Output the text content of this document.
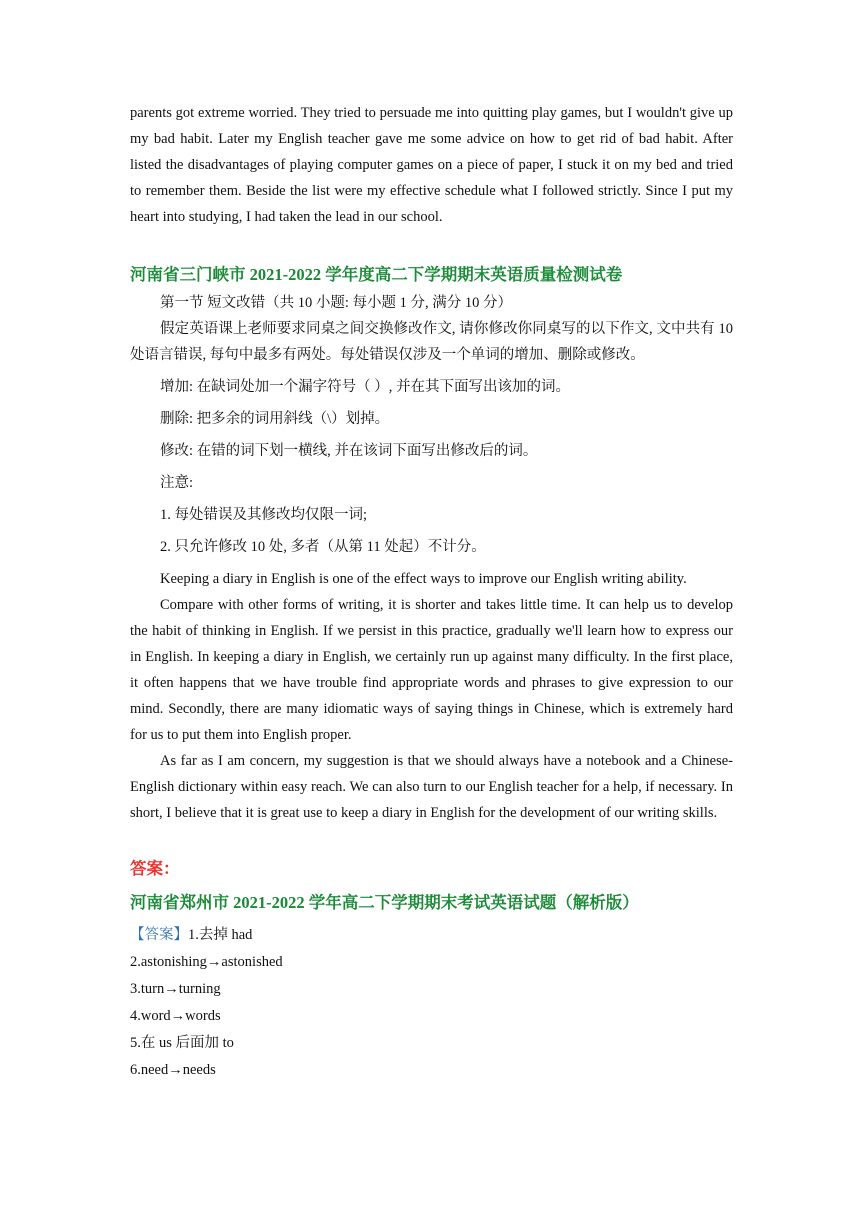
parents got extreme worried. They tried to persuade me into quitting play games, but I wouldn't give up my bad habit. Later my English teacher gave me some advice on how to get rid of bad habit. After listed the disadvantages of playing computer games on a piece of paper, I stuck it on my bed and tried to remember them. Beside the list were my effective schedule what I followed strictly. Since I put my heart into studying, I had taken the lead in our school.

河南省三门峡市 2021-2022 学年度高二下学期期末英语质量检测试卷

第一节 短文改错（共 10 小题: 每小题 1 分, 满分 10 分）

假定英语课上老师要求同桌之间交换修改作文, 请你修改你同桌写的以下作文, 文中共有 10 处语言错误, 每句中最多有两处。每处错误仅涉及一个单词的增加、删除或修改。

增加: 在缺词处加一个漏字符号（ ）, 并在其下面写出该加的词。

删除: 把多余的词用斜线（\）划掉。

修改: 在错的词下划一横线, 并在该词下面写出修改后的词。

注意:

1. 每处错误及其修改均仅限一词;

2. 只允许修改 10 处, 多者（从第 11 处起）不计分。

Keeping a diary in English is one of the effect ways to improve our English writing ability.

Compare with other forms of writing, it is shorter and takes little time. It can help us to develop the habit of thinking in English. If we persist in this practice, gradually we'll learn how to express our in English. In keeping a diary in English, we certainly run up against many difficulty. In the first place, it often happens that we have trouble find appropriate words and phrases to give expression to our mind. Secondly, there are many idiomatic ways of saying things in Chinese, which is extremely hard for us to put them into English proper.

As far as I am concern, my suggestion is that we should always have a notebook and a Chinese-English dictionary within easy reach. We can also turn to our English teacher for a help, if necessary. In short, I believe that it is great use to keep a diary in English for the development of our writing skills.

答案：

河南省郑州市 2021-2022 学年高二下学期期末考试英语试题（解析版）

【答案】1.去掉 had
2.astonishing→astonished
3.turn→turning
4.word→words
5.在 us 后面加 to
6.need→needs
